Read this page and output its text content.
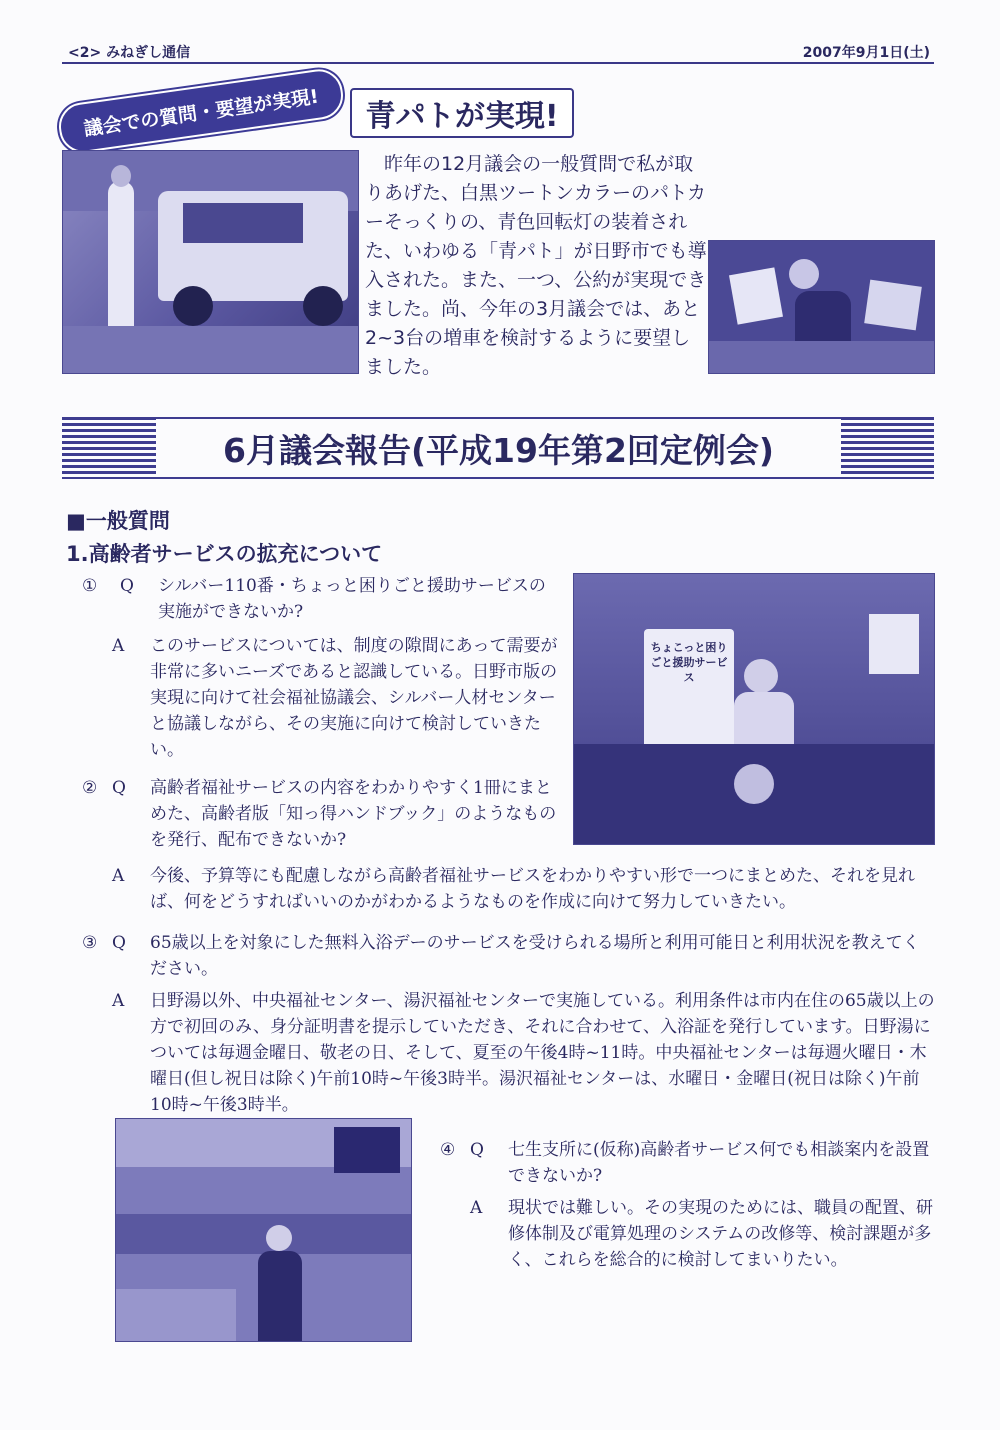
<2> みねぎし通信	2007年9月1日(土)
議会での質問・要望が実現!	青パトが実現!
昨年の12月議会の一般質問で私が取りあげた、白黒ツートンカラーのパトカーそっくりの、青色回転灯の装着された、いわゆる「青パト」が日野市でも導入された。また、一つ、公約が実現できました。尚、今年の3月議会では、あと2~3台の増車を検討するように要望しました。
6月議会報告(平成19年第2回定例会)
■一般質問
1.高齢者サービスの拡充について
ちょこっと困りごと援助サービス
① Q シルバー110番・ちょっと困りごと援助サービスの実施ができないか?
A このサービスについては、制度の隙間にあって需要が非常に多いニーズであると認識している。日野市版の実現に向けて社会福祉協議会、シルバー人材センターと協議しながら、その実施に向けて検討していきたい。
② Q 高齢者福祉サービスの内容をわかりやすく1冊にまとめた、高齢者版「知っ得ハンドブック」のようなものを発行、配布できないか?
A 今後、予算等にも配慮しながら高齢者福祉サービスをわかりやすい形で一つにまとめた、それを見れば、何をどうすればいいのかがわかるようなものを作成に向けて努力していきたい。
③ Q 65歳以上を対象にした無料入浴デーのサービスを受けられる場所と利用可能日と利用状況を教えてください。
A 日野湯以外、中央福祉センター、湯沢福祉センターで実施している。利用条件は市内在住の65歳以上の方で初回のみ、身分証明書を提示していただき、それに合わせて、入浴証を発行しています。日野湯については毎週金曜日、敬老の日、そして、夏至の午後4時~11時。中央福祉センターは毎週火曜日・木曜日(但し祝日は除く)午前10時~午後3時半。湯沢福祉センターは、水曜日・金曜日(祝日は除く)午前10時~午後3時半。
④ Q 七生支所に(仮称)高齢者サービス何でも相談案内を設置できないか?
A 現状では難しい。その実現のためには、職員の配置、研修体制及び電算処理のシステムの改修等、検討課題が多く、これらを総合的に検討してまいりたい。
